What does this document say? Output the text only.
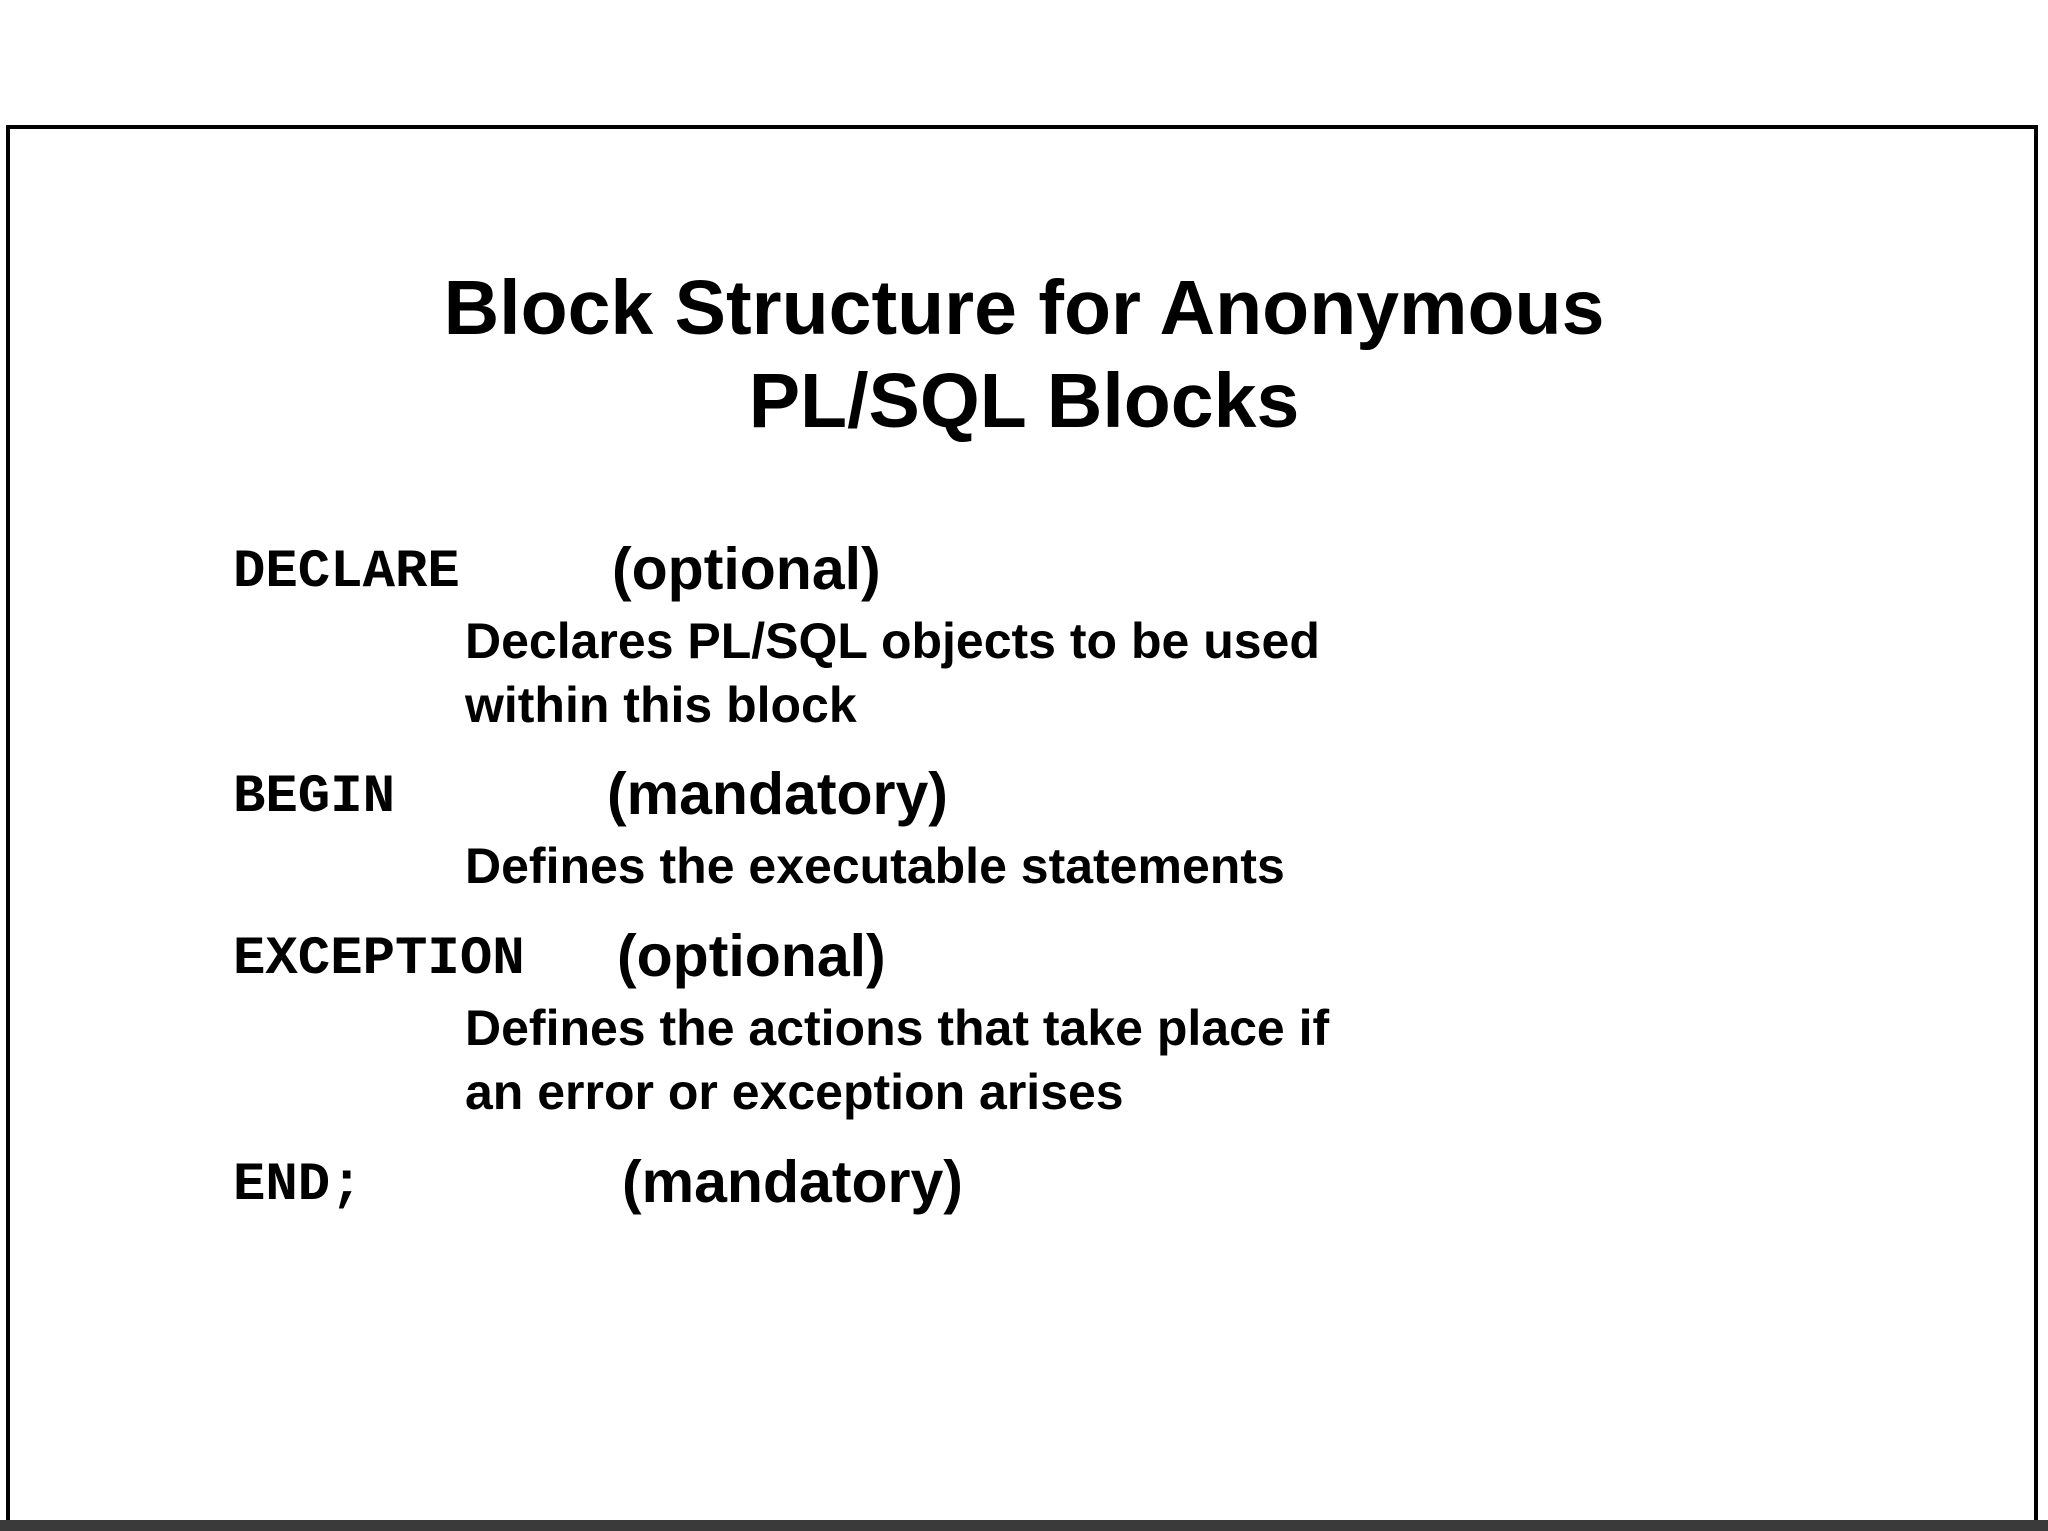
Block Structure for Anonymous
PL/SQL Blocks
DECLARE	(optional)
Declares PL/SQL objects to be used
within this block
BEGIN	(mandatory)
Defines the executable statements
EXCEPTION (optional)
Defines the actions that take place if
an error or exception arises
END;	(mandatory)
